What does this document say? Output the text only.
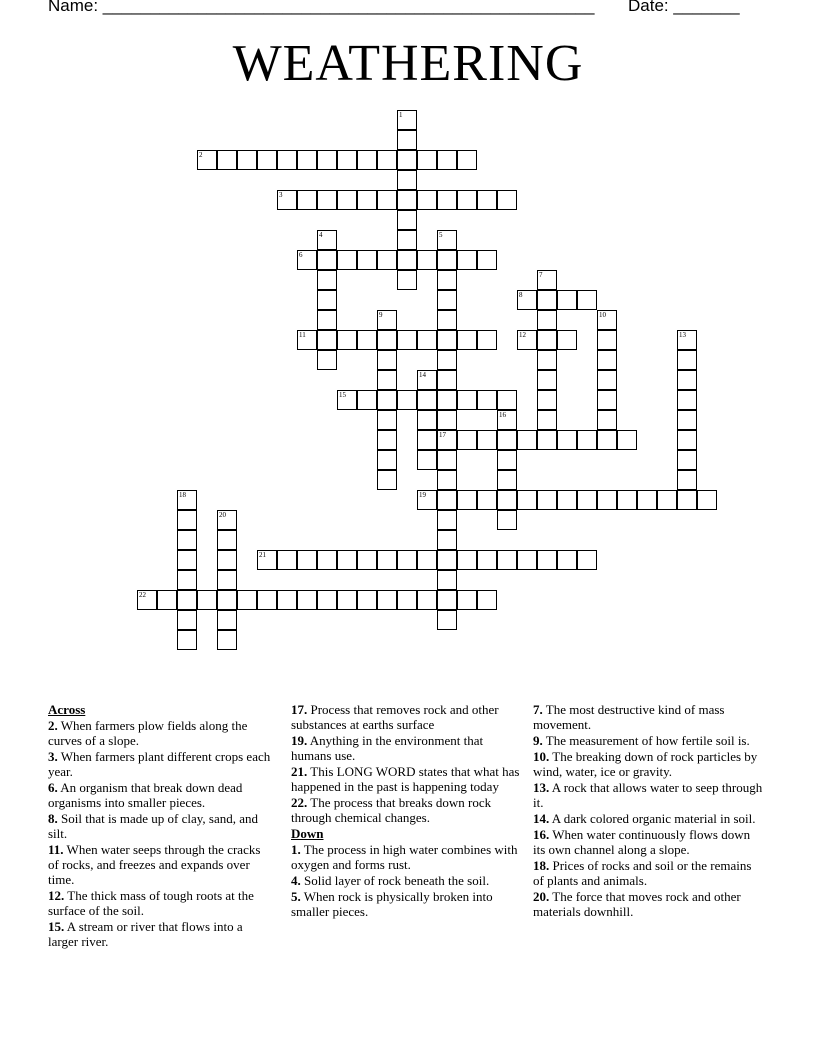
Name: ____________________________________________________ Date: _______
WEATHERING
1
2
3
4	5
17
6
7
8
9	10
11	12	13
14
15
16
18	19
20
21
22
Across
2. When farmers plow fields along the curves of a slope.
3. When farmers plant different crops each year.
6. An organism that break down dead organisms into smaller pieces.
8. Soil that is made up of clay, sand, and silt.
11. When water seeps through the cracks of rocks, and freezes and expands over time.
12. The thick mass of tough roots at the surface of the soil.
15. A stream or river that flows into a larger river.
17. Process that removes rock and other substances at earths surface
19. Anything in the environment that humans use.
21. This LONG WORD states that what has happened in the past is happening today
22. The process that breaks down rock through chemical changes.
Down
1. The process in high water combines with oxygen and forms rust.
4. Solid layer of rock beneath the soil.
5. When rock is physically broken into smaller pieces.
7. The most destructive kind of mass movement.
9. The measurement of how fertile soil is.
10. The breaking down of rock particles by wind, water, ice or gravity.
13. A rock that allows water to seep through it.
14. A dark colored organic material in soil.
16. When water continuously flows down its own channel along a slope.
18. Prices of rocks and soil or the remains of plants and animals.
20. The force that moves rock and other materials downhill.
